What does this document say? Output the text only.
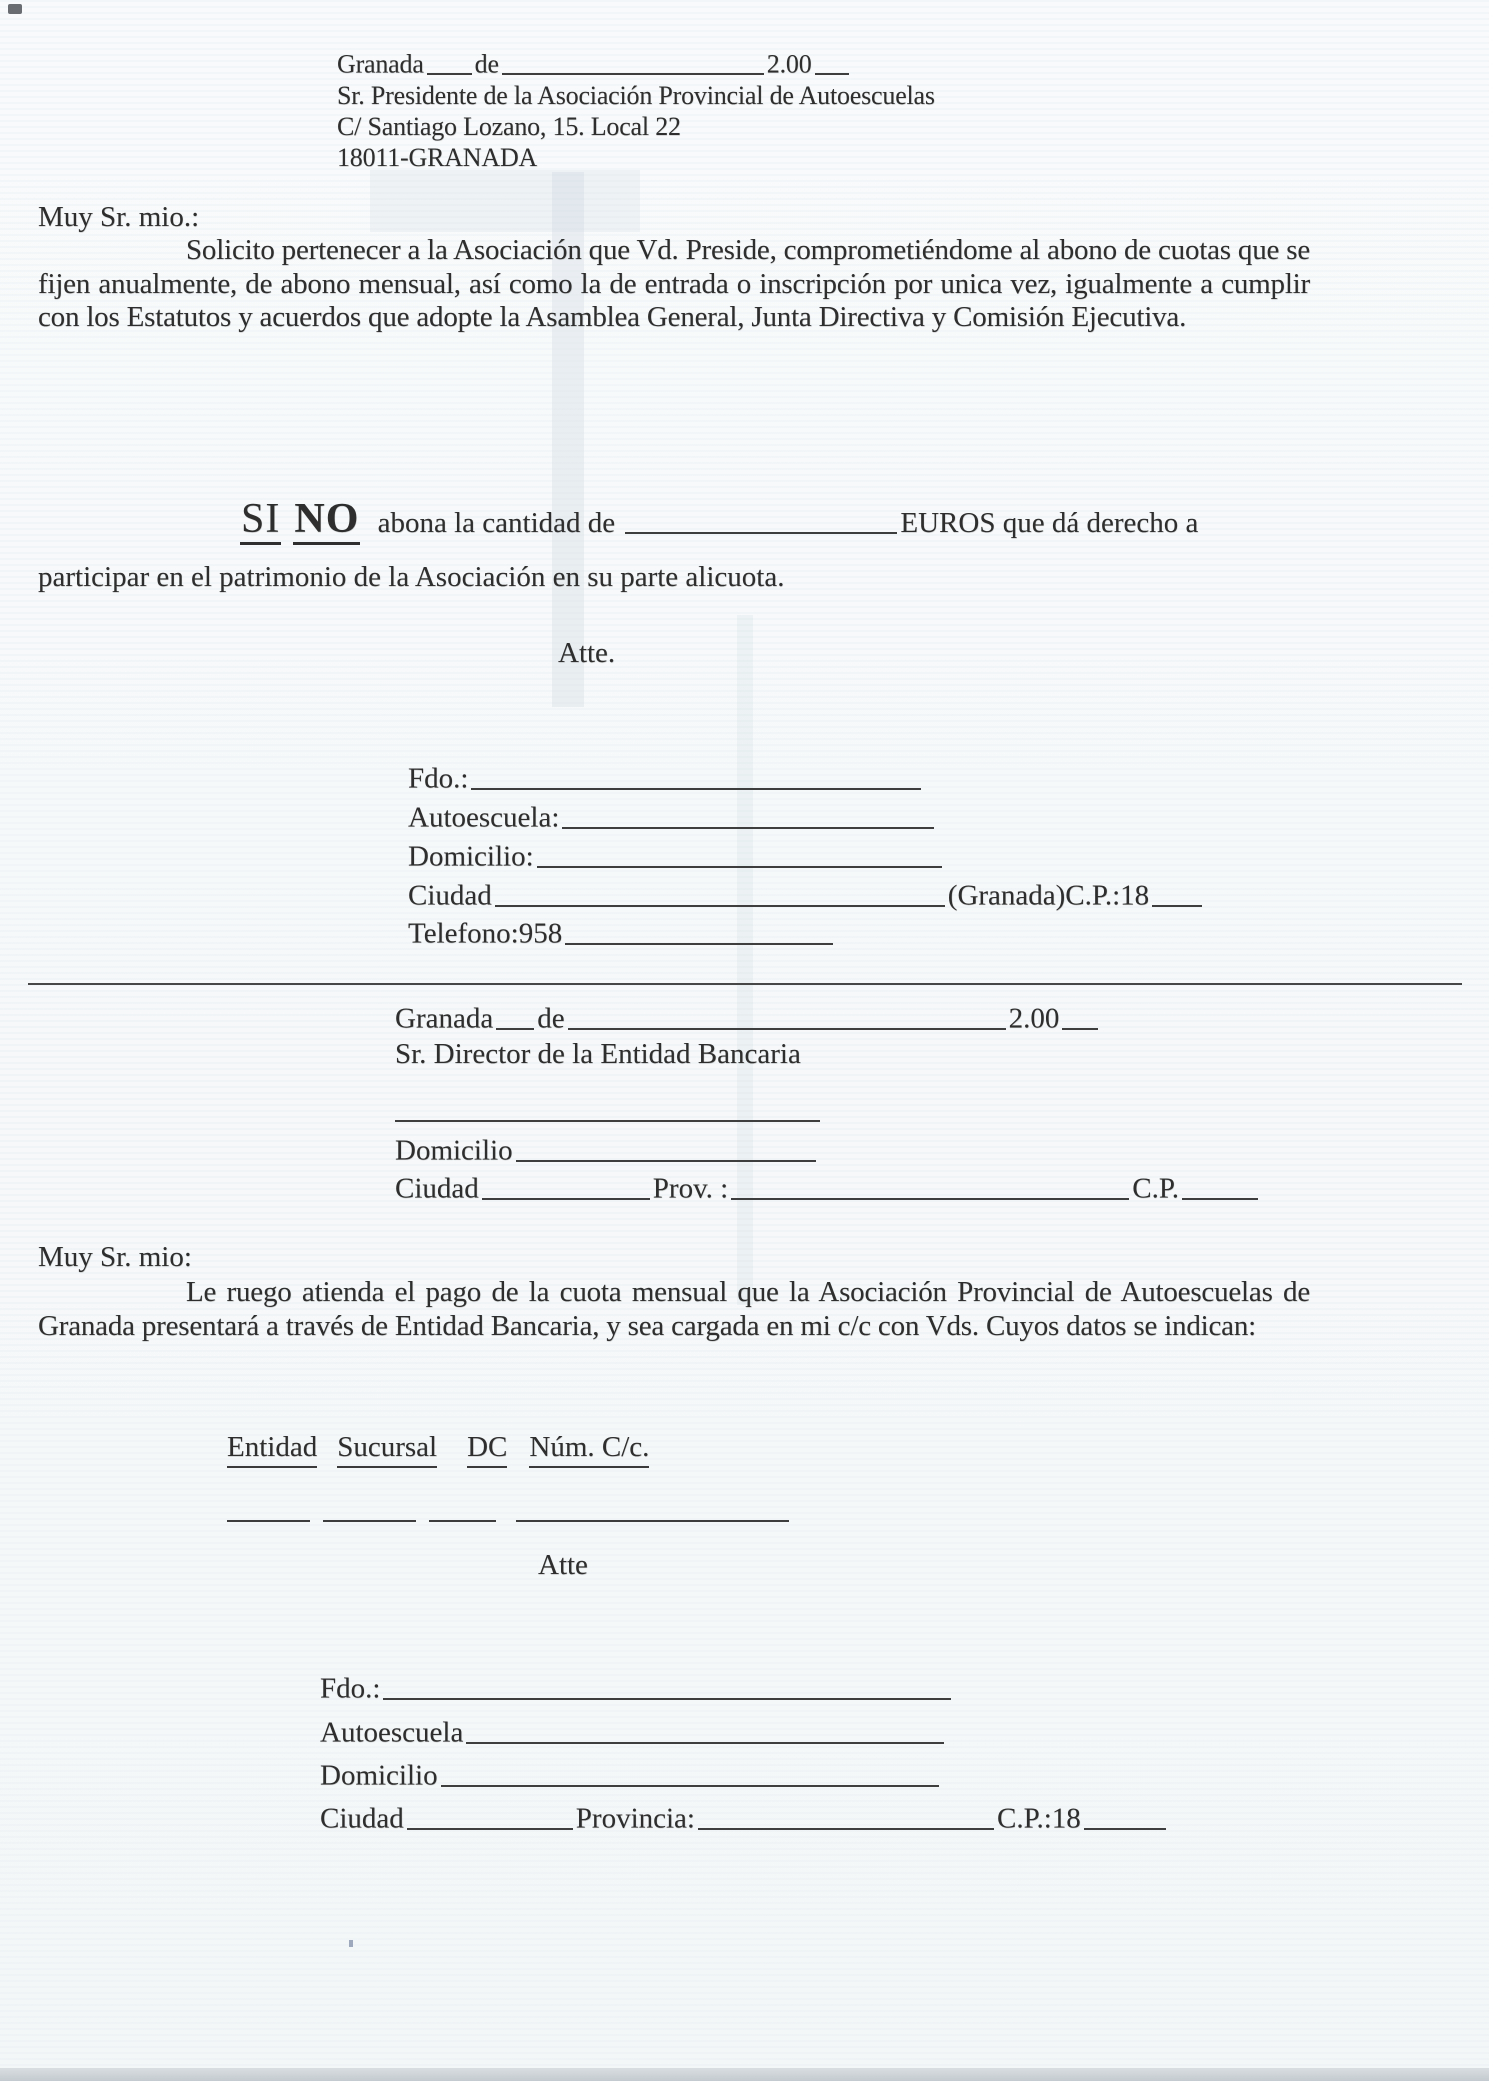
Granada de	2.00
Sr. Presidente de la Asociación Provincial de Autoescuelas
C/ Santiago Lozano, 15. Local 22
18011-GRANADA
Muy Sr. mio.:
Solicito pertenecer a la Asociación que Vd. Preside, comprometiéndome al abono de cuotas que se fijen anualmente, de abono mensual, así como la de entrada o inscripción por unica vez, igualmente a cumplir con los Estatutos y acuerdos que adopte la Asamblea General, Junta Directiva y Comisión Ejecutiva.
SI NO abona la cantidad de	EUROS que dá derecho a
participar en el patrimonio de la Asociación en su parte alicuota.
Atte.
Fdo.:
Autoescuela:
Domicilio:
Ciudad	(Granada)C.P.:18
Telefono:958
Granada de	2.00
Sr. Director de la Entidad Bancaria
Domicilio
Ciudad	Prov. :	C.P.
Muy Sr. mio:
Le ruego atienda el pago de la cuota mensual que la Asociación Provincial de Autoescuelas de Granada presentará a través de Entidad Bancaria, y sea cargada en mi c/c con Vds. Cuyos datos se indican:
Entidad Sucursal DC Núm. C/c.
Atte
Fdo.:
Autoescuela
Domicilio
Ciudad	Provincia:	C.P.:18
